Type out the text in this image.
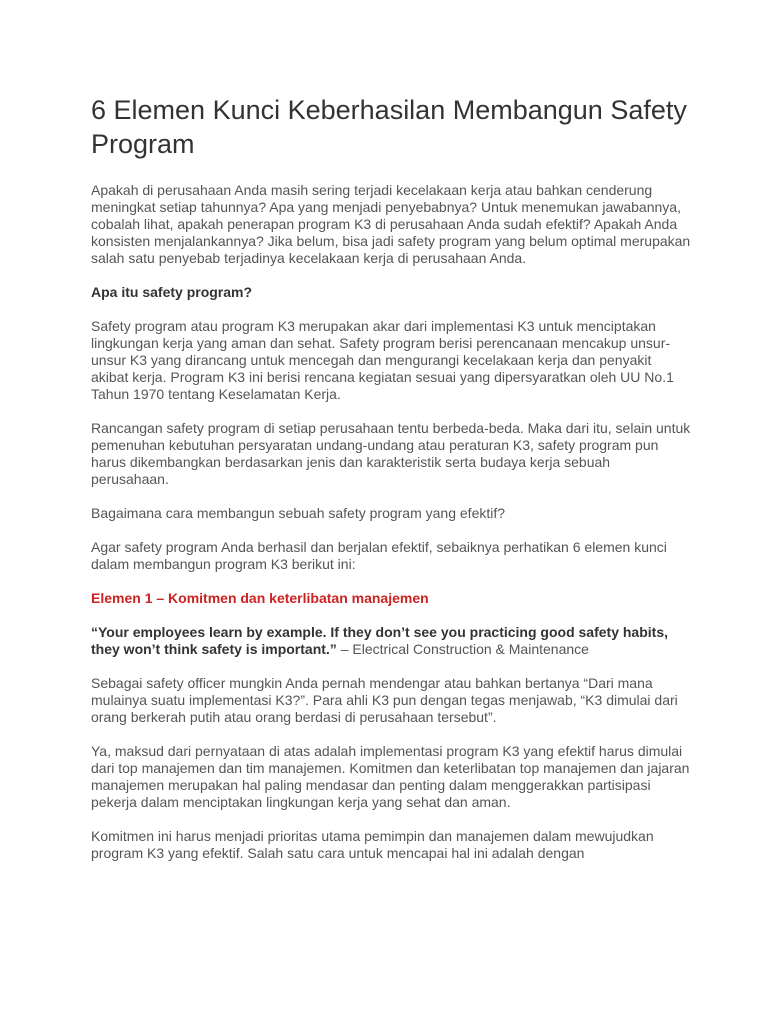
6 Elemen Kunci Keberhasilan Membangun Safety Program

Apakah di perusahaan Anda masih sering terjadi kecelakaan kerja atau bahkan cenderung meningkat setiap tahunnya? Apa yang menjadi penyebabnya? Untuk menemukan jawabannya, cobalah lihat, apakah penerapan program K3 di perusahaan Anda sudah efektif? Apakah Anda konsisten menjalankannya? Jika belum, bisa jadi safety program yang belum optimal merupakan salah satu penyebab terjadinya kecelakaan kerja di perusahaan Anda.

Apa itu safety program?

Safety program atau program K3 merupakan akar dari implementasi K3 untuk menciptakan lingkungan kerja yang aman dan sehat. Safety program berisi perencanaan mencakup unsur-unsur K3 yang dirancang untuk mencegah dan mengurangi kecelakaan kerja dan penyakit akibat kerja. Program K3 ini berisi rencana kegiatan sesuai yang dipersyaratkan oleh UU No.1 Tahun 1970 tentang Keselamatan Kerja.

Rancangan safety program di setiap perusahaan tentu berbeda-beda. Maka dari itu, selain untuk pemenuhan kebutuhan persyaratan undang-undang atau peraturan K3, safety program pun harus dikembangkan berdasarkan jenis dan karakteristik serta budaya kerja sebuah perusahaan.

Bagaimana cara membangun sebuah safety program yang efektif?

Agar safety program Anda berhasil dan berjalan efektif, sebaiknya perhatikan 6 elemen kunci dalam membangun program K3 berikut ini:

Elemen 1 – Komitmen dan keterlibatan manajemen

“Your employees learn by example. If they don’t see you practicing good safety habits, they won’t think safety is important.” – Electrical Construction & Maintenance

Sebagai safety officer mungkin Anda pernah mendengar atau bahkan bertanya “Dari mana mulainya suatu implementasi K3?”. Para ahli K3 pun dengan tegas menjawab, “K3 dimulai dari orang berkerah putih atau orang berdasi di perusahaan tersebut”.

Ya, maksud dari pernyataan di atas adalah implementasi program K3 yang efektif harus dimulai dari top manajemen dan tim manajemen. Komitmen dan keterlibatan top manajemen dan jajaran manajemen merupakan hal paling mendasar dan penting dalam menggerakkan partisipasi pekerja dalam menciptakan lingkungan kerja yang sehat dan aman.

Komitmen ini harus menjadi prioritas utama pemimpin dan manajemen dalam mewujudkan program K3 yang efektif. Salah satu cara untuk mencapai hal ini adalah dengan
